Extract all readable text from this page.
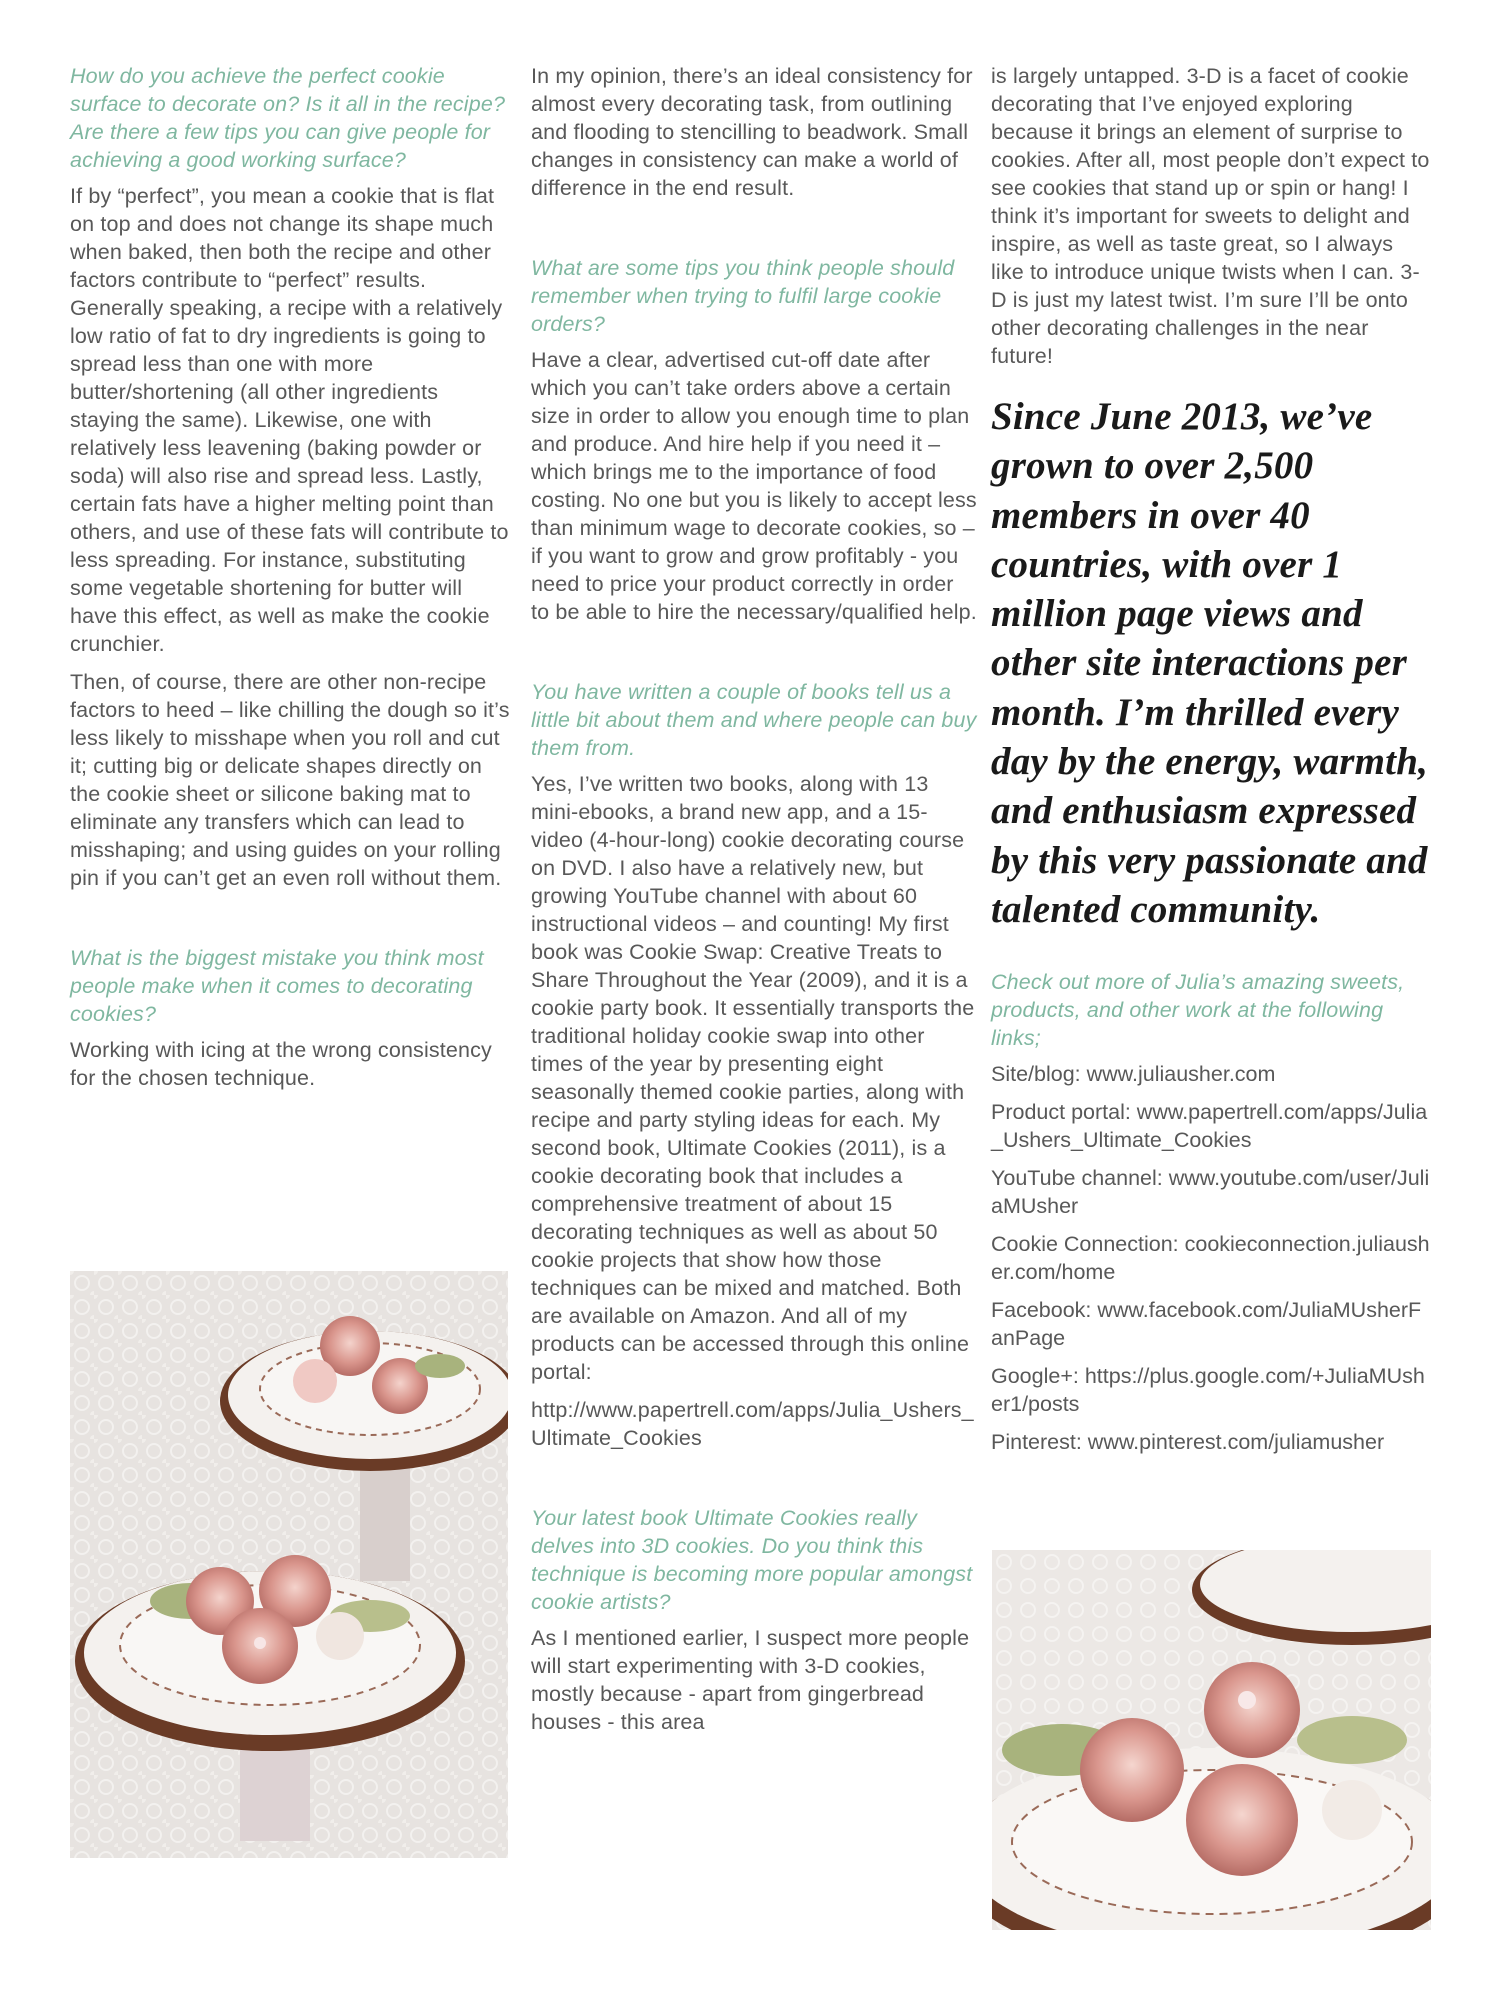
How do you achieve the perfect cookie surface to decorate on? Is it all in the recipe? Are there a few tips you can give people for achieving a good working surface?

If by “perfect”, you mean a cookie that is flat on top and does not change its shape much when baked, then both the recipe and other factors contribute to “perfect” results. Generally speaking, a recipe with a relatively low ratio of fat to dry ingredients is going to spread less than one with more butter/shortening (all other ingredients staying the same). Likewise, one with relatively less leavening (baking powder or soda) will also rise and spread less. Lastly, certain fats have a higher melting point than others, and use of these fats will contribute to less spreading. For instance, substituting some vegetable shortening for butter will have this effect, as well as make the cookie crunchier.

Then, of course, there are other non-recipe factors to heed – like chilling the dough so it’s less likely to misshape when you roll and cut it; cutting big or delicate shapes directly on the cookie sheet or silicone baking mat to eliminate any transfers which can lead to misshaping; and using guides on your rolling pin if you can’t get an even roll without them.

What is the biggest mistake you think most people make when it comes to decorating cookies?

Working with icing at the wrong consistency for the chosen technique.

In my opinion, there’s an ideal consistency for almost every decorating task, from outlining and flooding to stencilling to beadwork. Small changes in consistency can make a world of difference in the end result.

What are some tips you think people should remember when trying to fulfil large cookie orders?

Have a clear, advertised cut-off date after which you can’t take orders above a certain size in order to allow you enough time to plan and produce. And hire help if you need it – which brings me to the importance of food costing. No one but you is likely to accept less than minimum wage to decorate cookies, so – if you want to grow and grow profitably - you need to price your product correctly in order to be able to hire the necessary/qualified help.

You have written a couple of books tell us a little bit about them and where people can buy them from.

Yes, I’ve written two books, along with 13 mini-ebooks, a brand new app, and a 15-video (4-hour-long) cookie decorating course on DVD. I also have a relatively new, but growing YouTube channel with about 60 instructional videos – and counting! My first book was Cookie Swap: Creative Treats to Share Throughout the Year (2009), and it is a cookie party book. It essentially transports the traditional holiday cookie swap into other times of the year by presenting eight seasonally themed cookie parties, along with recipe and party styling ideas for each. My second book, Ultimate Cookies (2011), is a cookie decorating book that includes a comprehensive treatment of about 15 decorating techniques as well as about 50 cookie projects that show how those techniques can be mixed and matched. Both are available on Amazon. And all of my products can be accessed through this online portal:

http://www.papertrell.com/apps/Julia_Ushers_Ultimate_Cookies

Your latest book Ultimate Cookies really delves into 3D cookies. Do you think this technique is becoming more popular amongst cookie artists?

As I mentioned earlier, I suspect more people will start experimenting with 3-D cookies, mostly because - apart from gingerbread houses - this area

is largely untapped. 3-D is a facet of cookie decorating that I’ve enjoyed exploring because it brings an element of surprise to cookies. After all, most people don’t expect to see cookies that stand up or spin or hang! I think it’s important for sweets to delight and inspire, as well as taste great, so I always like to introduce unique twists when I can. 3-D is just my latest twist. I’m sure I’ll be onto other decorating challenges in the near future!

Since June 2013, we’ve grown to over 2,500 members in over 40 countries, with over 1 million page views and other site interactions per month. I’m thrilled every day by the energy, warmth, and enthusiasm expressed by this very passionate and talented community.

Check out more of Julia’s amazing sweets, products, and other work at the following links;

Site/blog: www.juliausher.com

Product portal: www.papertrell.com/apps/Julia_Ushers_Ultimate_Cookies

YouTube channel: www.youtube.com/user/JuliaMUsher

Cookie Connection: cookieconnection.juliausher.com/home

Facebook: www.facebook.com/JuliaMUsherFanPage

Google+: https://plus.google.com/+JuliaMUsher1/posts

Pinterest: www.pinterest.com/juliamusher
